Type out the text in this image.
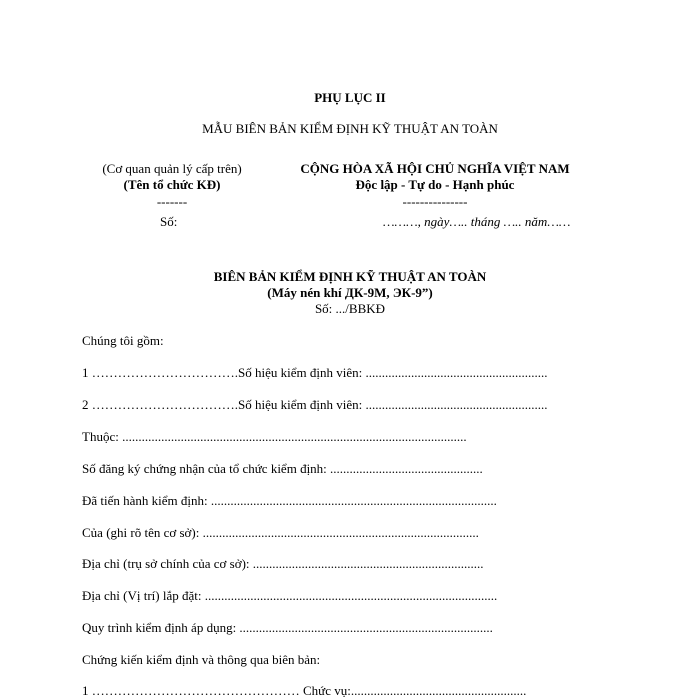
PHỤ LỤC II
MẪU BIÊN BẢN KIỂM ĐỊNH KỸ THUẬT AN TOÀN
(Cơ quan quản lý cấp trên)
(Tên tổ chức KĐ)
-------
Số:
CỘNG HÒA XÃ HỘI CHỦ NGHĨA VIỆT NAM
Độc lập - Tự do - Hạnh phúc
---------------
………, ngày….. tháng ….. năm……
BIÊN BẢN KIỂM ĐỊNH KỸ THUẬT AN TOÀN
(Máy nén khí ДК-9М, ЭК-9”)
Số: .../BBKĐ
Chúng tôi gồm:
1 …………………………….Số hiệu kiểm định viên: ........................................................
2 …………………………….Số hiệu kiểm định viên: ........................................................
Thuộc: ..........................................................................................................
Số đăng ký chứng nhận của tổ chức kiểm định: ...............................................
Đã tiến hành kiểm định: ........................................................................................
Của (ghi rõ tên cơ sở): .....................................................................................
Địa chỉ (trụ sở chính của cơ sở): .......................................................................
Địa chỉ (Vị trí) lắp đặt: ..........................................................................................
Quy trình kiểm định áp dụng: ..............................................................................
Chứng kiến kiểm định và thông qua biên bản:
1 ………………………………………… Chức vụ:......................................................
